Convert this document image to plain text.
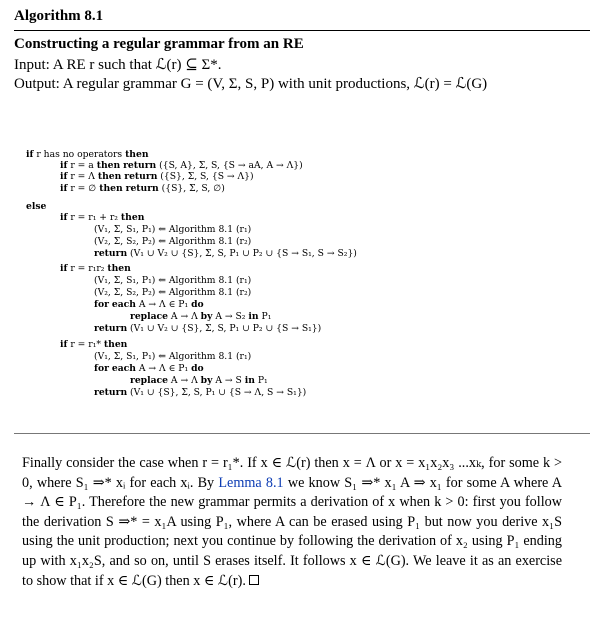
Algorithm 8.1
Constructing a regular grammar from an RE
Input: A RE r such that ℒ(r) ⊆ Σ*.
Output: A regular grammar G = (V, Σ, S, P) with unit productions, ℒ(r) = ℒ(G)
if r has no operators then
if r = a then return ({S, A}, Σ, S, {S → aA, A → Λ})
if r = Λ then return ({S}, Σ, S, {S → Λ})
if r = ∅ then return ({S}, Σ, S, ∅)
else
if r = r₁ + r₂ then
(V₁, Σ, S₁, P₁) ⇐ Algorithm 8.1 (r₁)
(V₂, Σ, S₂, P₂) ⇐ Algorithm 8.1 (r₂)
return (V₁ ∪ V₂ ∪ {S}, Σ, S, P₁ ∪ P₂ ∪ {S → S₁, S → S₂})
if r = r₁r₂ then
(V₁, Σ, S₁, P₁) ⇐ Algorithm 8.1 (r₁)
(V₂, Σ, S₂, P₂) ⇐ Algorithm 8.1 (r₂)
for each A → Λ ∈ P₁ do
replace A → Λ by A → S₂ in P₁
return (V₁ ∪ V₂ ∪ {S}, Σ, S, P₁ ∪ P₂ ∪ {S → S₁})
if r = r₁* then
(V₁, Σ, S₁, P₁) ⇐ Algorithm 8.1 (r₁)
for each A → Λ ∈ P₁ do
replace A → Λ by A → S in P₁
return (V₁ ∪ {S}, Σ, S, P₁ ∪ {S → Λ, S → S₁})
Finally consider the case when r = r₁*. If x ∈ ℒ(r) then x = Λ or x = x₁x₂x₃ ...xₖ, for some k > 0, where S₁ ⇒* xᵢ for each xᵢ. By Lemma 8.1 we know S₁ ⇒* x₁ A ⇒ x₁ for some A where A → Λ ∈ P₁. Therefore the new grammar permits a derivation of x when k > 0: first you follow the derivation S ⇒* = x₁A using P₁, where A can be erased using P₁ but now you derive x₁S using the unit production; next you continue by following the derivation of x₂ using P₁ ending up with x₁x₂S, and so on, until S erases itself. It follows x ∈ ℒ(G). We leave it as an exercise to show that if x ∈ ℒ(G) then x ∈ ℒ(r).
